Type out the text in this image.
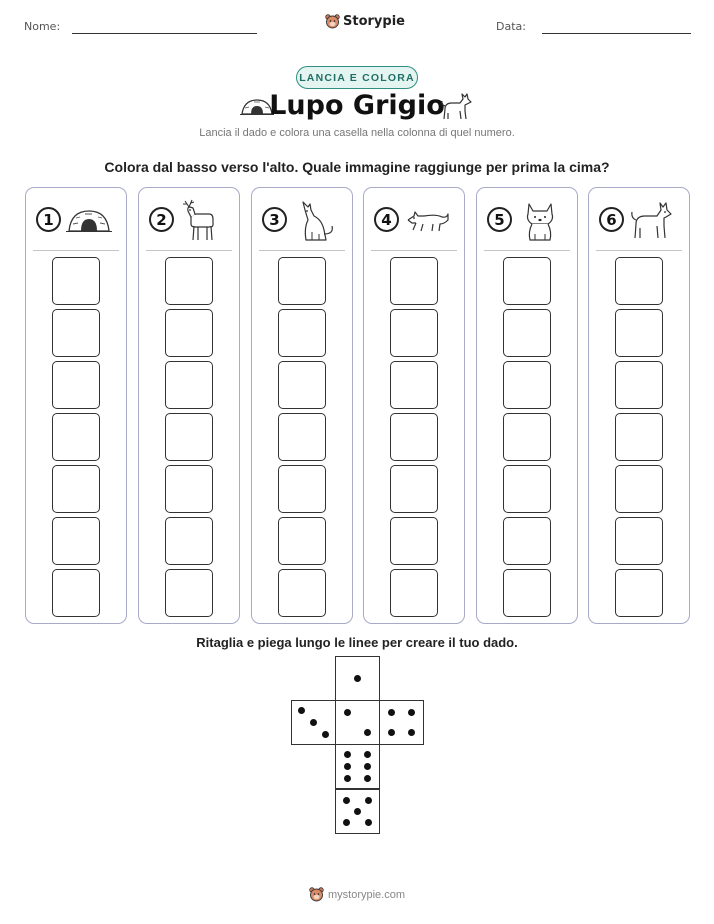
Nome:	Storypie	Data:
LANCIA E COLORA
Lupo Grigio
Lancia il dado e colora una casella nella colonna di quel numero.
Colora dal basso verso l'alto. Quale immagine raggiunge per prima la cima?
1	2	3	4	5	6
Ritaglia e piega lungo le linee per creare il tuo dado.
mystorypie.com
